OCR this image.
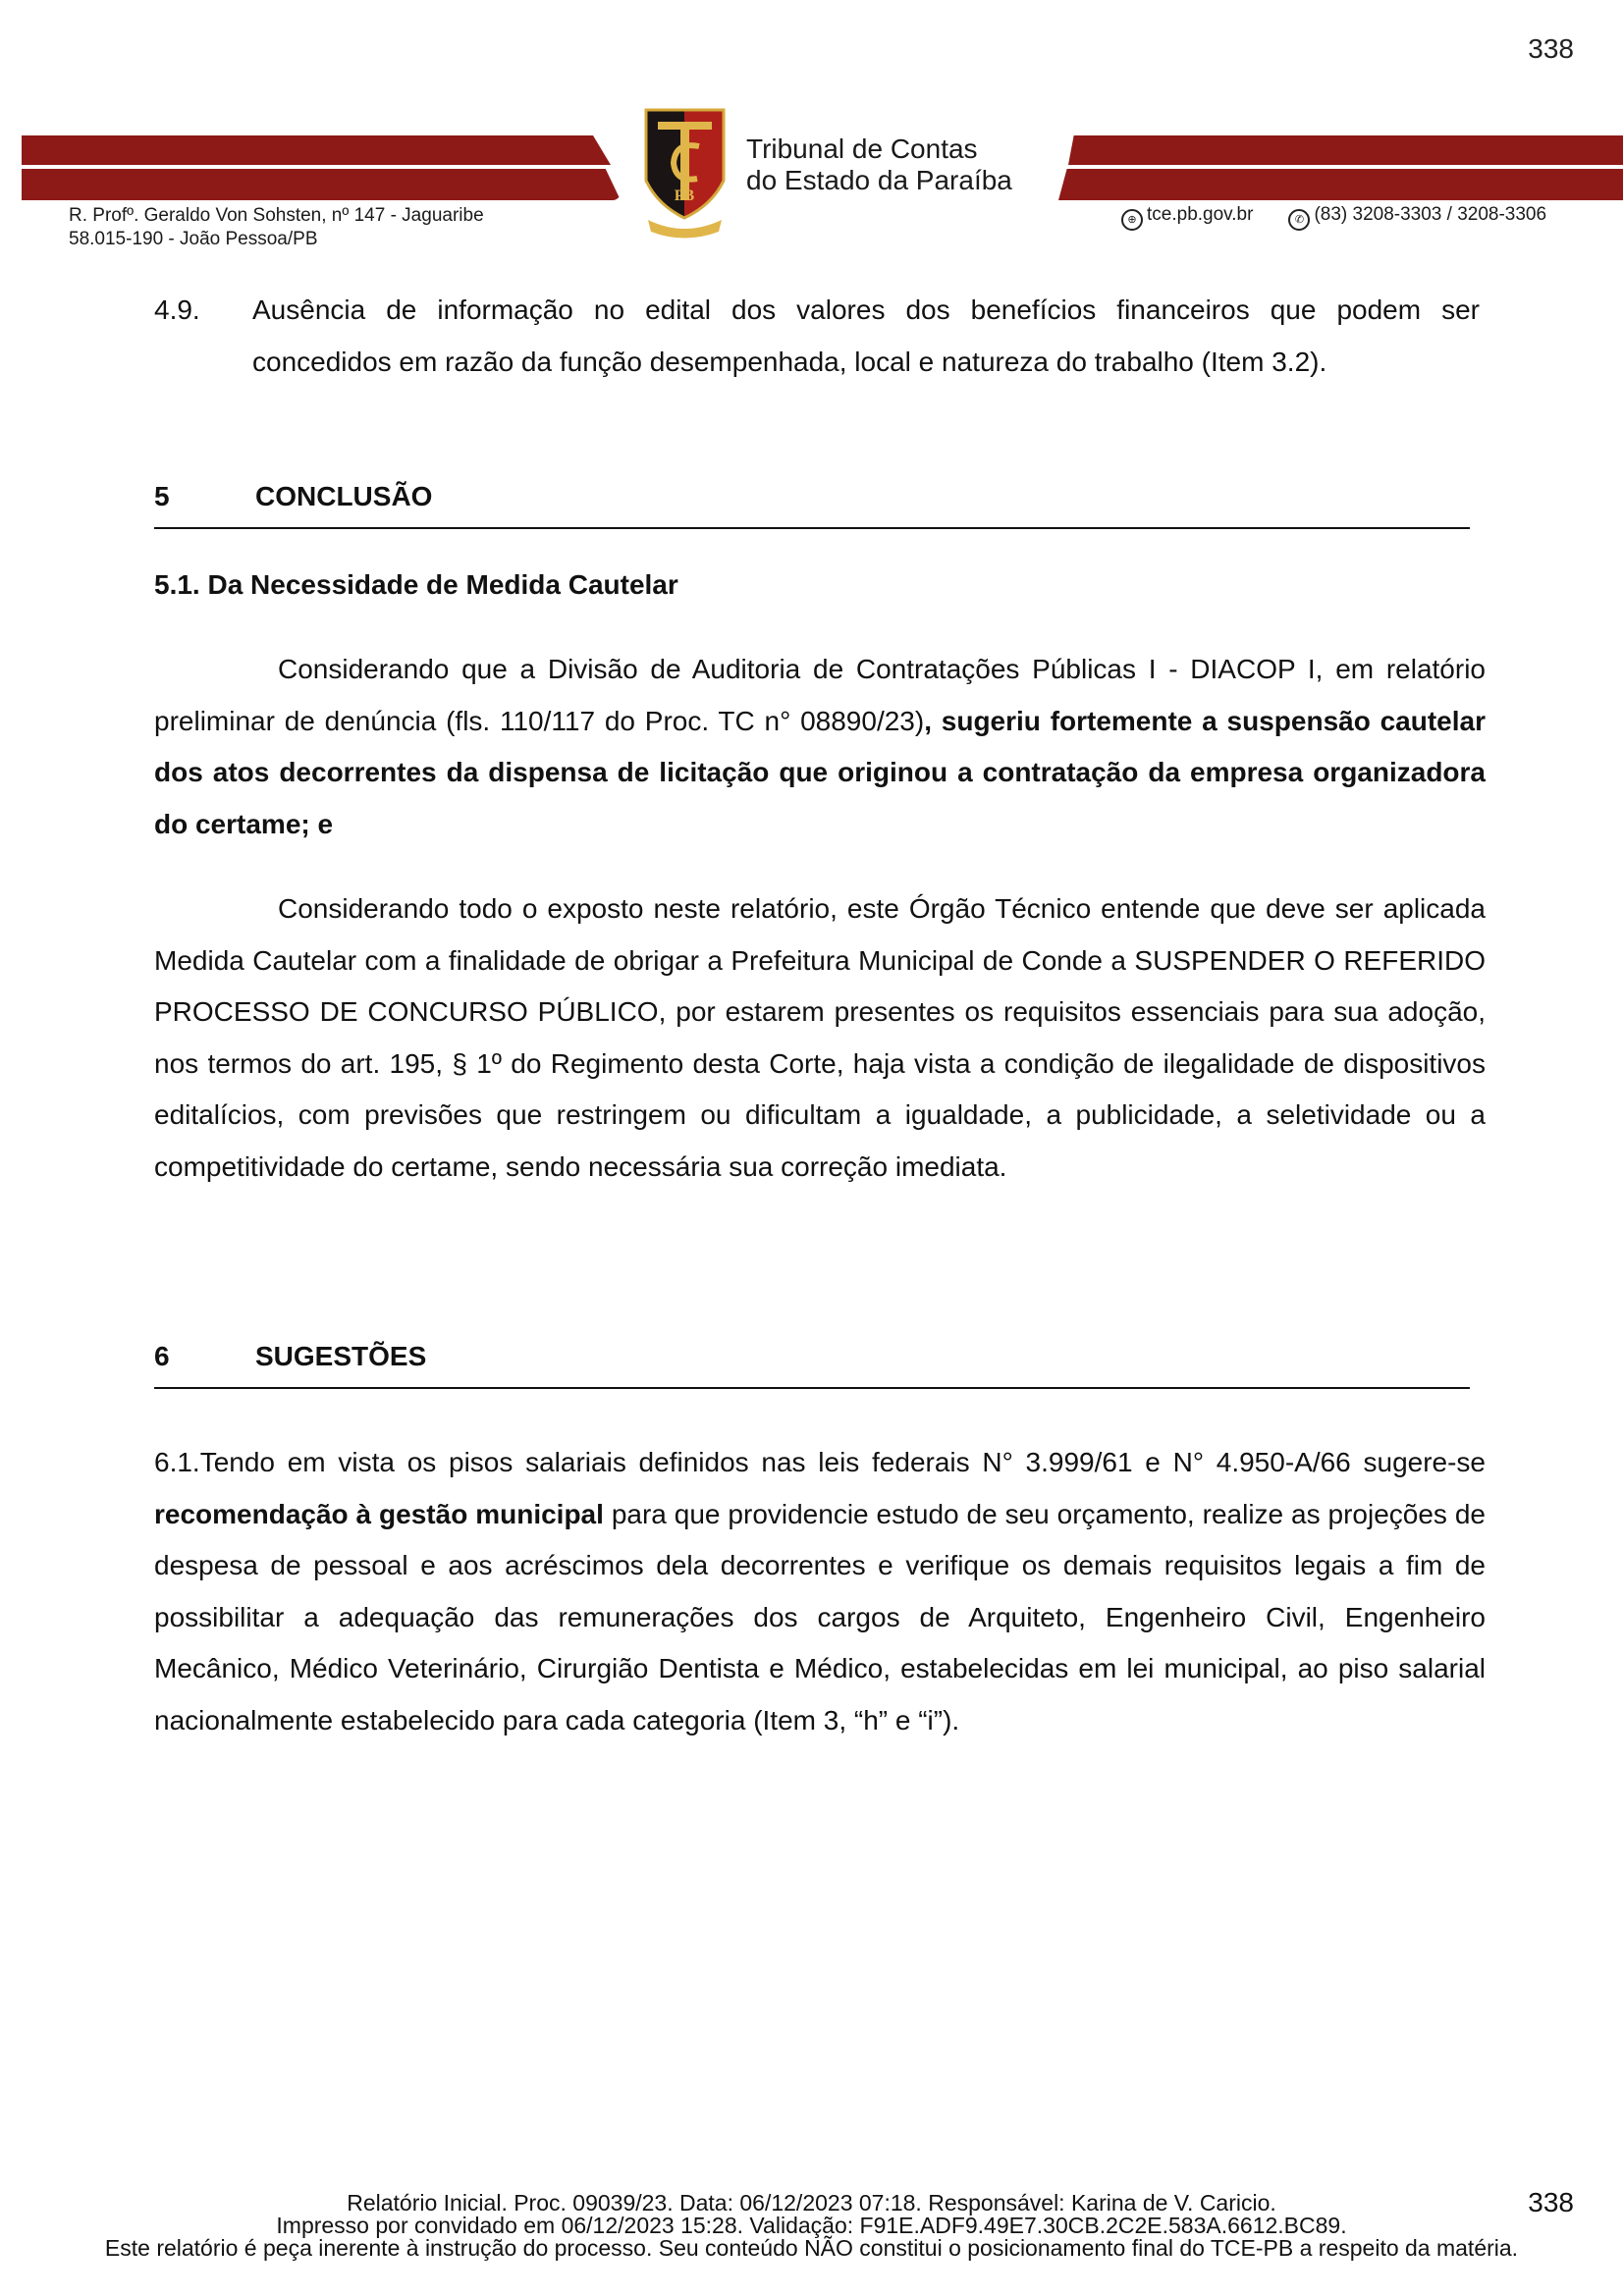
338
PB
Tribunal de Contas
do Estado da Paraíba
R. Profº. Geraldo Von Sohsten, nº 147 - Jaguaribe
58.015-190 - João Pessoa/PB
⊕ tce.pb.gov.br	✆ (83) 3208-3303 / 3208-3306
4.9. Ausência de informação no edital dos valores dos benefícios financeiros que podem ser
concedidos em razão da função desempenhada, local e natureza do trabalho (Item 3.2).
5	CONCLUSÃO
5.1. Da Necessidade de Medida Cautelar

Considerando que a Divisão de Auditoria de Contratações Públicas I - DIACOP I, em relatório preliminar de denúncia (fls. 110/117 do Proc. TC n° 08890/23), sugeriu fortemente a suspensão cautelar dos atos decorrentes da dispensa de licitação que originou a contratação da empresa organizadora do certame; e

Considerando todo o exposto neste relatório, este Órgão Técnico entende que deve ser aplicada Medida Cautelar com a finalidade de obrigar a Prefeitura Municipal de Conde a SUSPENDER O REFERIDO PROCESSO DE CONCURSO PÚBLICO, por estarem presentes os requisitos essenciais para sua adoção, nos termos do art. 195, § 1º do Regimento desta Corte, haja vista a condição de ilegalidade de dispositivos editalícios, com previsões que restringem ou dificultam a igualdade, a publicidade, a seletividade ou a competitividade do certame, sendo necessária sua correção imediata.

6	SUGESTÕES

6.1.Tendo em vista os pisos salariais definidos nas leis federais N° 3.999/61 e N° 4.950-A/66 sugere-se recomendação à gestão municipal para que providencie estudo de seu orçamento, realize as projeções de despesa de pessoal e aos acréscimos dela decorrentes e verifique os demais requisitos legais a fim de possibilitar a adequação das remunerações dos cargos de Arquiteto, Engenheiro Civil, Engenheiro Mecânico, Médico Veterinário, Cirurgião Dentista e Médico, estabelecidas em lei municipal, ao piso salarial nacionalmente estabelecido para cada categoria (Item 3, “h” e “i”).

Relatório Inicial. Proc. 09039/23. Data: 06/12/2023 07:18. Responsável: Karina de V. Caricio.
Impresso por convidado em 06/12/2023 15:28. Validação: F91E.ADF9.49E7.30CB.2C2E.583A.6612.BC89.
Este relatório é peça inerente à instrução do processo. Seu conteúdo NÃO constitui o posicionamento final do TCE-PB a respeito da matéria.
338
